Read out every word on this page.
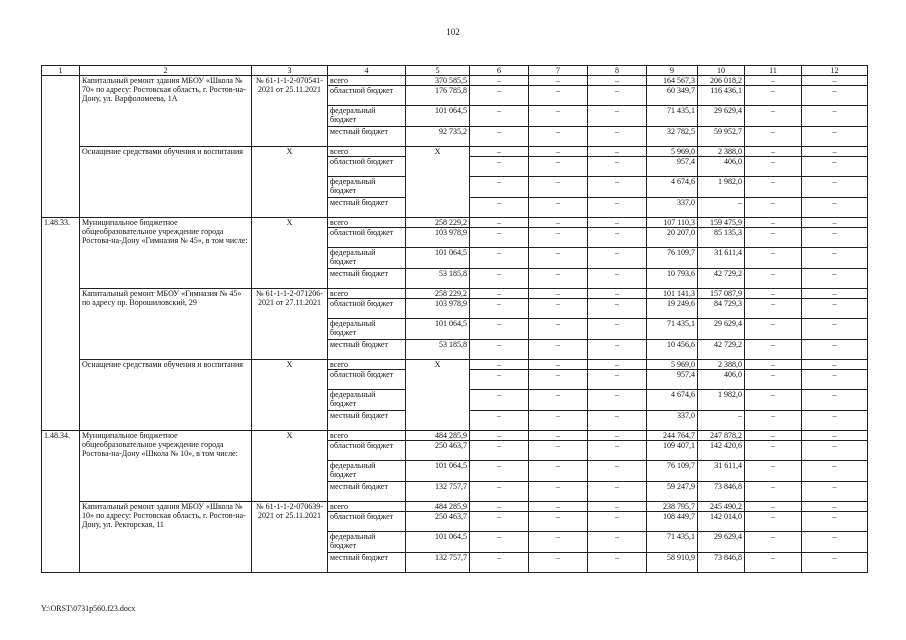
102
1	2	3	4	5	6	7	8	9	10	11	12
	Капитальный ремонт здания МБОУ «Школа № 70» по адресу: Ростовская область, г. Ростов-на-Дону, ул. Варфоломеева, 1А	№ 61-1-1-2-070541-2021 от 25.11.2021	всего	370 585,5	–	–	–	164 567,3	206 018,2	–	–
			областной бюджет	176 785,8	–	–	–	60 349,7	116 436,1	–	–
			федеральный бюджет	101 064,5	–	–	–	71 435,1	29 629,4	–	–
			местный бюджет	92 735,2	–	–	–	32 782,5	59 952,7	–	–
	Оснащение средствами обучения и воспитания	Х	всего	Х	–	–	–	5 969,0	2 388,0	–	–
			областной бюджет		–	–	–	957,4	406,0	–	–
			федеральный бюджет		–	–	–	4 674,6	1 982,0	–	–
			местный бюджет		–	–	–	337,0	–	–	–
1.48.33.	Муниципальное бюджетное общеобразовательное учреждение города Ростова-на-Дону «Гимназия № 45», в том числе:	Х	всего	258 229,2	–	–	–	107 110,3	159 475,9	–	–
			областной бюджет	103 978,9	–	–	–	20 207,0	85 135,3	–	–
			федеральный бюджет	101 064,5	–	–	–	76 109,7	31 611,4	–	–
			местный бюджет	53 185,8	–	–	–	10 793,6	42 729,2	–	–
	Капитальный ремонт МБОУ «Гимназия № 45» по адресу пр. Ворошиловский, 29	№ 61-1-1-2-071206-2021 от 27.11.2021	всего	258 229,2	–	–	–	101 141,3	157 087,9	–	–
			областной бюджет	103 978,9	–	–	–	19 249,6	84 729,3	–	–
			федеральный бюджет	101 064,5	–	–	–	71 435,1	29 629,4	–	–
			местный бюджет	53 185,8	–	–	–	10 456,6	42 729,2	–	–
	Оснащение средствами обучения и воспитания	Х	всего	Х	–	–	–	5 969,0	2 388,0	–	–
			областной бюджет		–	–	–	957,4	406,0	–	–
			федеральный бюджет		–	–	–	4 674,6	1 982,0	–	–
			местный бюджет		–	–	–	337,0	–	–	–
1.48.34.	Муниципальное бюджетное общеобразовательное учреждение города Ростова-на-Дону «Школа № 10», в том числе:	Х	всего	484 285,9	–	–	–	244 764,7	247 878,2	–	–
			областной бюджет	250 463,7	–	–	–	109 407,1	142 420,6	–	–
			федеральный бюджет	101 064,5	–	–	–	76 109,7	31 611,4	–	–
			местный бюджет	132 757,7	–	–	–	59 247,9	73 846,8	–	–
	Капитальный ремонт здания МБОУ «Школа № 10» по адресу: Ростовская область, г. Ростов-на-Дону, ул. Ректорская, 11	№ 61-1-1-2-070639-2021 от 25.11.2021	всего	484 285,9	–	–	–	238 795,7	245 490,2	–	–
			областной бюджет	250 463,7	–	–	–	108 449,7	142 014,0	–	–
			федеральный бюджет	101 064,5	–	–	–	71 435,1	29 629,4	–	–
			местный бюджет	132 757,7	–	–	–	58 910,9	73 846,8	–	–
Y:\ORST\0731p560.f23.docx
